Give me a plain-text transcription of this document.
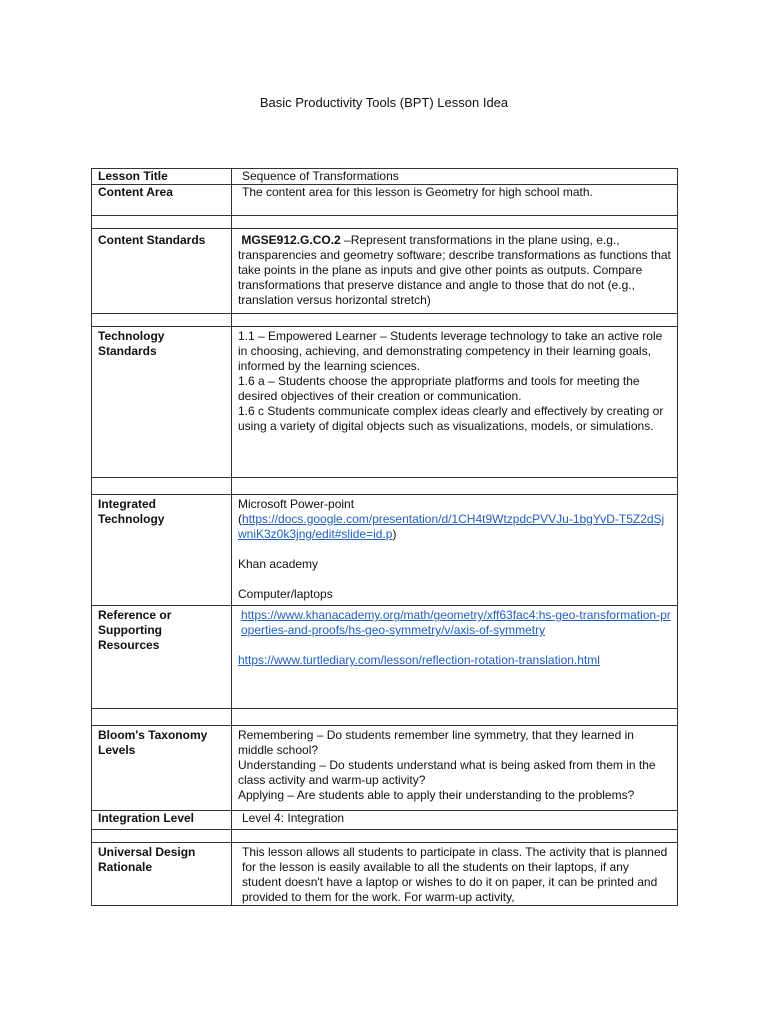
Basic Productivity Tools (BPT) Lesson Idea
Lesson Title	Sequence of Transformations
Content Area	The content area for this lesson is Geometry for high school math.

Content Standards	MGSE912.G.CO.2 –Represent transformations in the plane using, e.g., transparencies and geometry software; describe transformations as functions that take points in the plane as inputs and give other points as outputs. Compare transformations that preserve distance and angle to those that do not (e.g., translation versus horizontal stretch)

Technology Standards	1.1 – Empowered Learner – Students leverage technology to take an active role in choosing, achieving, and demonstrating competency in their learning goals, informed by the learning sciences.
1.6 a – Students choose the appropriate platforms and tools for meeting the desired objectives of their creation or communication.
1.6 c Students communicate complex ideas clearly and effectively by creating or using a variety of digital objects such as visualizations, models, or simulations.

Integrated Technology	Microsoft Power-point
(https://docs.google.com/presentation/d/1CH4t9WtzpdcPVVJu-1bgYvD-T5Z2dSjwniK3z0k3jng/edit#slide=id.p)
Khan academy
Computer/laptops

Reference or Supporting Resources	https://www.khanacademy.org/math/geometry/xff63fac4:hs-geo-transformation-properties-and-proofs/hs-geo-symmetry/v/axis-of-symmetry
https://www.turtlediary.com/lesson/reflection-rotation-translation.html

Bloom's Taxonomy Levels	Remembering – Do students remember line symmetry, that they learned in middle school?
Understanding – Do students understand what is being asked from them in the class activity and warm-up activity?
Applying – Are students able to apply their understanding to the problems?

Integration Level	Level 4: Integration

Universal Design Rationale	This lesson allows all students to participate in class. The activity that is planned for the lesson is easily available to all the students on their laptops, if any student doesn't have a laptop or wishes to do it on paper, it can be printed and provided to them for the work. For warm-up activity,
